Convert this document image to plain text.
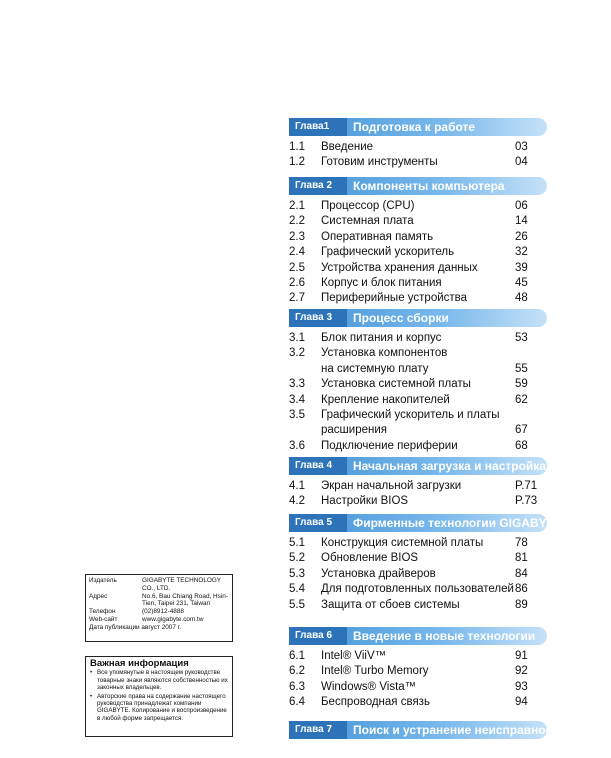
Глава1	Подготовка к работе
1.1 Введение	03
1.2 Готовим инструменты	04
Глава 2	Компоненты компьютера
2.1 Процессор (CPU)	06
2.2 Системная плата	14
2.3 Оперативная память	26
2.4 Графический ускоритель	32
2.5 Устройства хранения данных	39
2.6 Корпус и блок питания	45
2.7 Периферийные устройства	48
Глава 3	Процесс сборки
3.1 Блок питания и корпус	53
3.2 Установка компонентов
на системную плату	55
3.3 Установка системной платы	59
3.4 Крепление накопителей	62
3.5 Графический ускоритель и платы
расширения	67
3.6 Подключение периферии	68
Глава 4	Начальная загрузка и настройка BIO
4.1 Экран начальной загрузки	P.71
4.2 Настройки BIOS	P.73
Глава 5	Фирменные технологии GIGABYTE
5.1 Конструкция системной платы	78
5.2 Обновление BIOS	81
5.3 Установка драйверов	84
5.4 Для подготовленных пользователей 86
5.5 Защита от сбоев системы	89
Глава 6	Введение в новые технологии
6.1 Intel® ViiV™	91
6.2 Intel® Turbo Memory	92
6.3 Windows® Vista™	93
6.4 Беспроводная связь	94
Глава 7	Поиск и устранение неисправностей
Издатель	GIGABYTE TECHNOLOGY CO., LTD.
Адрес	No.6, Bau Chiang Road, Hsin-Tien, Taipei 231, Taiwan
Телефон	(02)8912-4888
Web-сайт	www.gigabyte.com.tw
Дата публикации август 2007 г.
Важная информация
• Все упомянутые в настоящем руководстве товарные знаки являются собственностью их законных владельцев.
• Авторские права на содержание настоящего руководства принадлежат компании GIGABYTE. Копирование и воспроизведение в любой форме запрещается.
